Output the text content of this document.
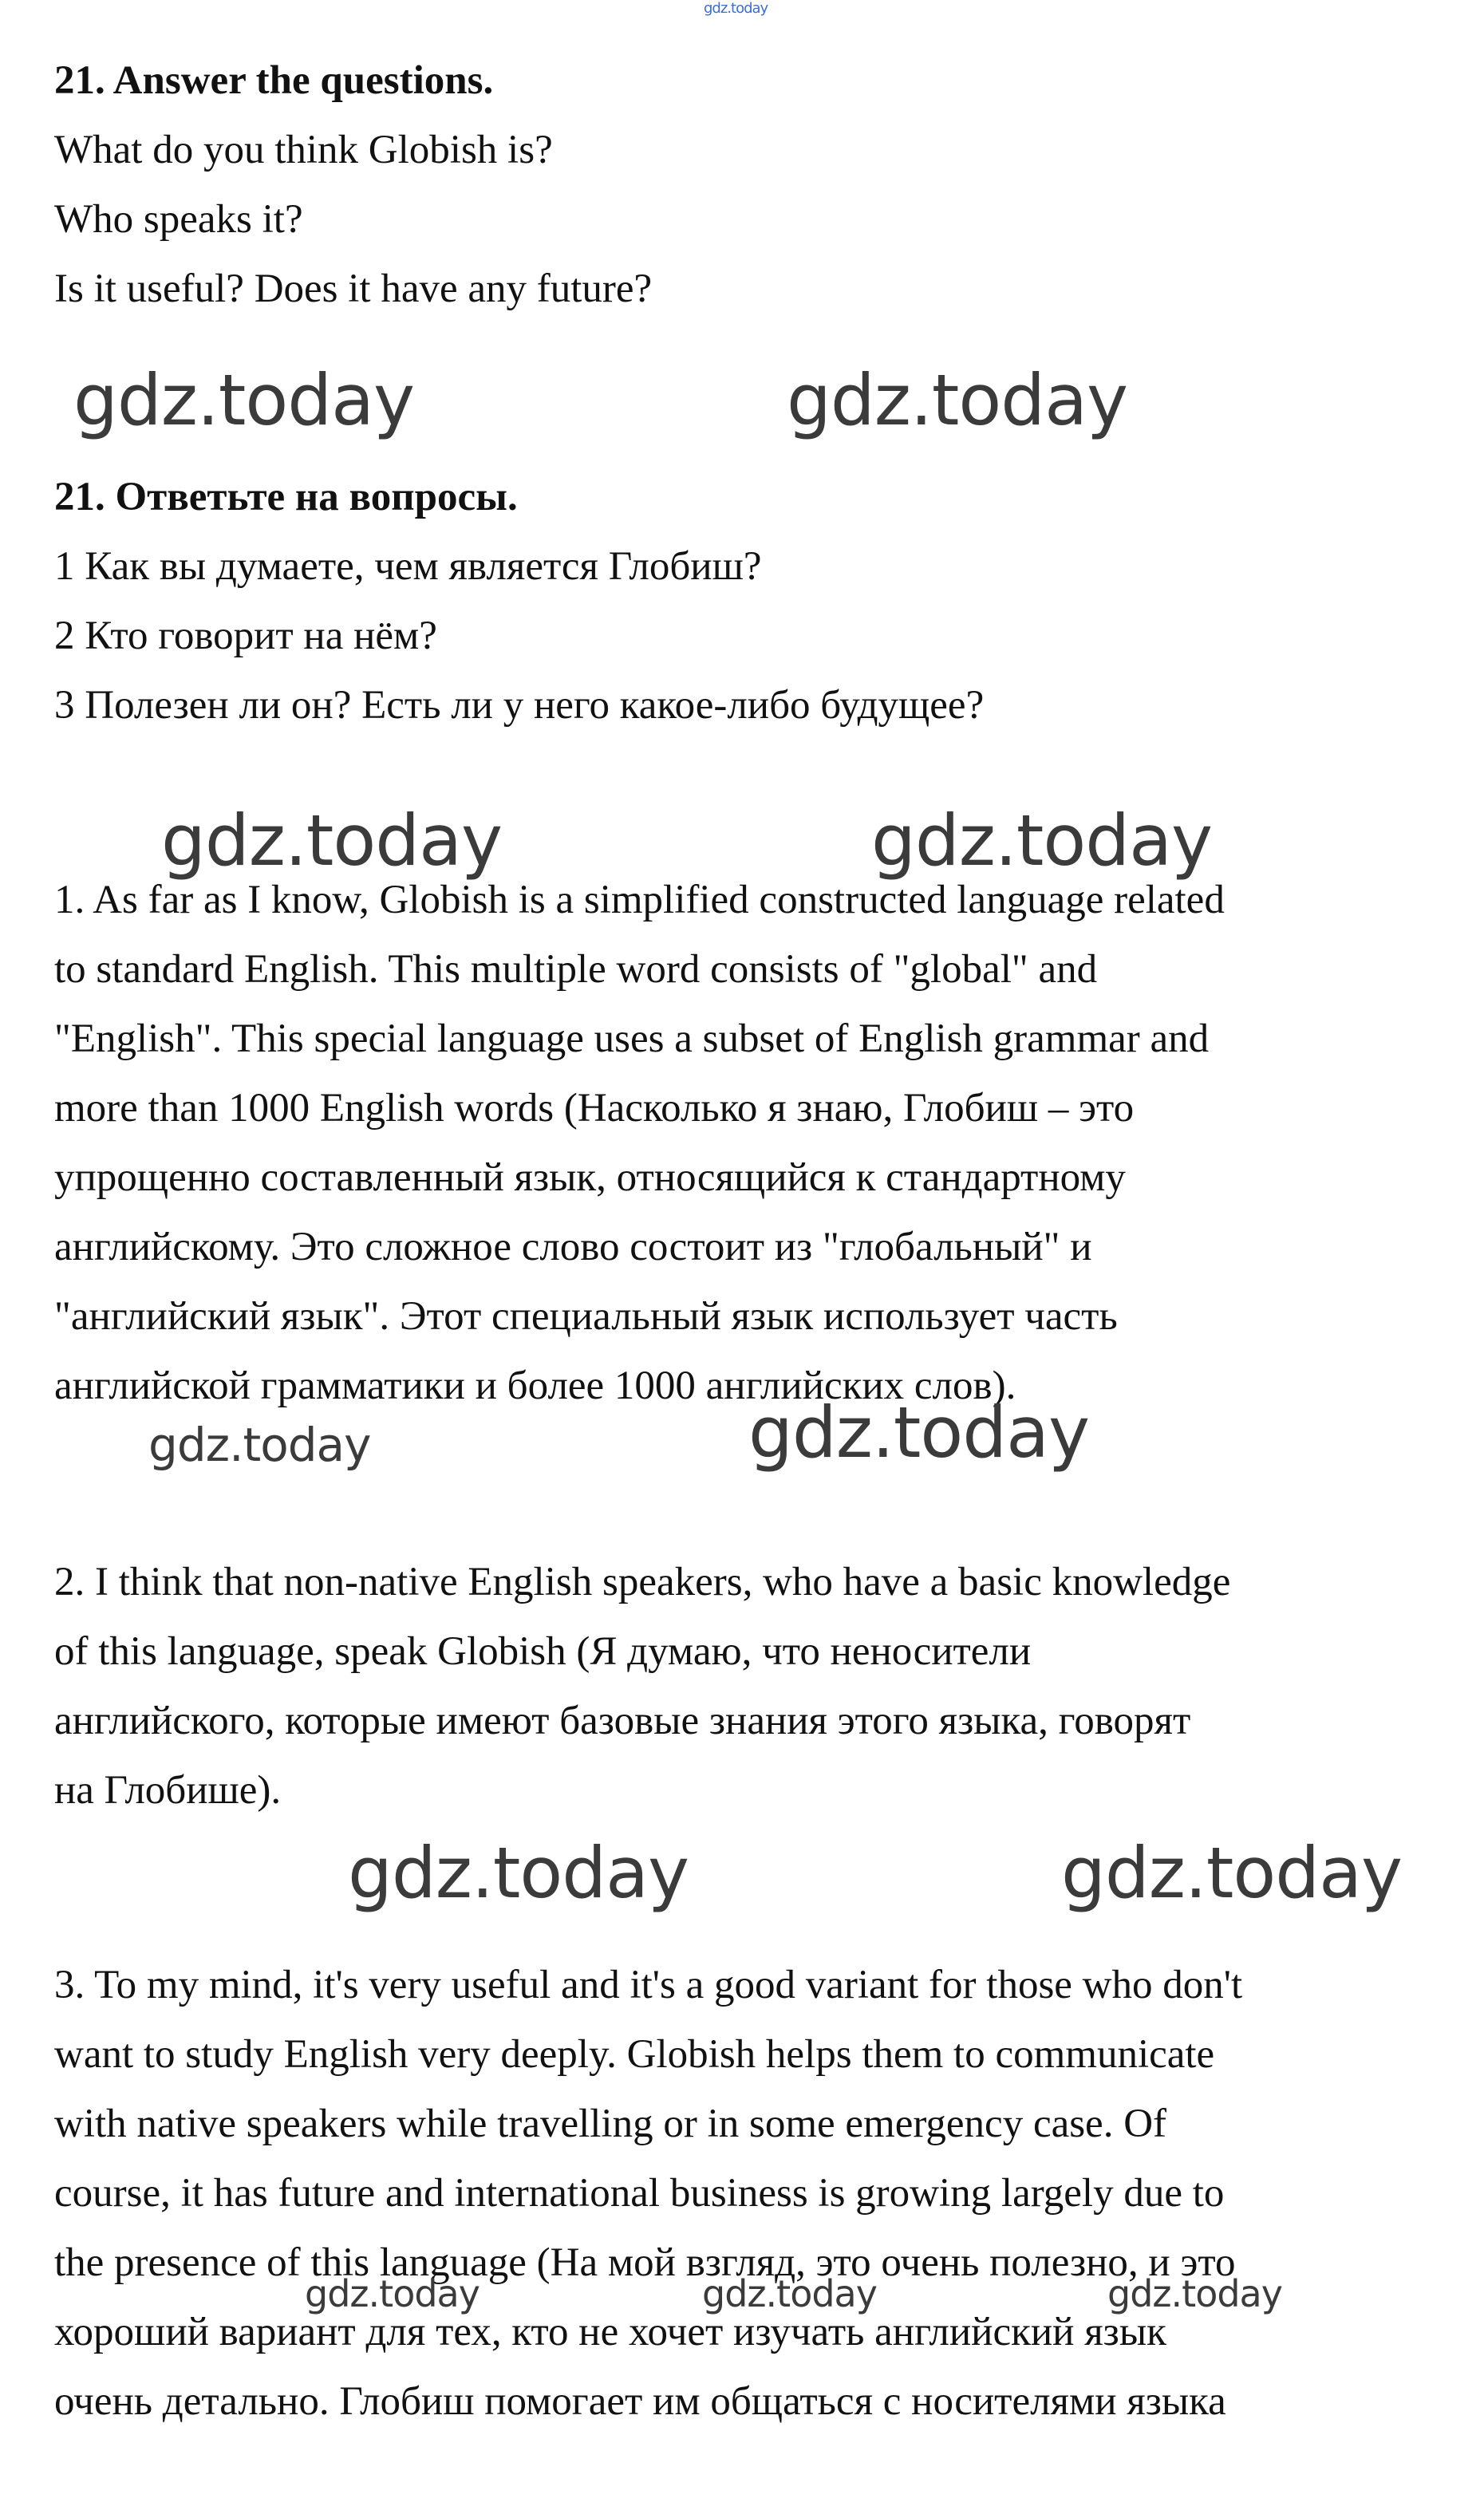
gdz.today
21. Answer the questions.
What do you think Globish is?
Who speaks it?
Is it useful? Does it have any future?
gdz.today	gdz.today
21. Ответьте на вопросы.
1 Как вы думаете, чем является Глобиш?
2 Кто говорит на нём?
3 Полезен ли он? Есть ли у него какое-либо будущее?
gdz.today	gdz.today
1. As far as I know, Globish is a simplified constructed language related
to standard English. This multiple word consists of "global" and
"English". This special language uses a subset of English grammar and
more than 1000 English words (Насколько я знаю, Глобиш – это
упрощенно составленный язык, относящийся к стандартному
английскому. Это сложное слово состоит из "глобальный" и
"английский язык". Этот специальный язык использует часть
английской грамматики и более 1000 английских слов).
gdz.today	gdz.today
2. I think that non-native English speakers, who have a basic knowledge
of this language, speak Globish (Я думаю, что неносители
английского, которые имеют базовые знания этого языка, говорят
на Глобише).
gdz.today	gdz.today
3. To my mind, it's very useful and it's a good variant for those who don't
want to study English very deeply. Globish helps them to communicate
with native speakers while travelling or in some emergency case. Of
course, it has future and international business is growing largely due to
the presence of this language (На мой взгляд, это очень полезно, и это
хороший вариант для тех, кто не хочет изучать английский язык
очень детально. Глобиш помогает им общаться с носителями языка
gdz.today	gdz.today	gdz.today
